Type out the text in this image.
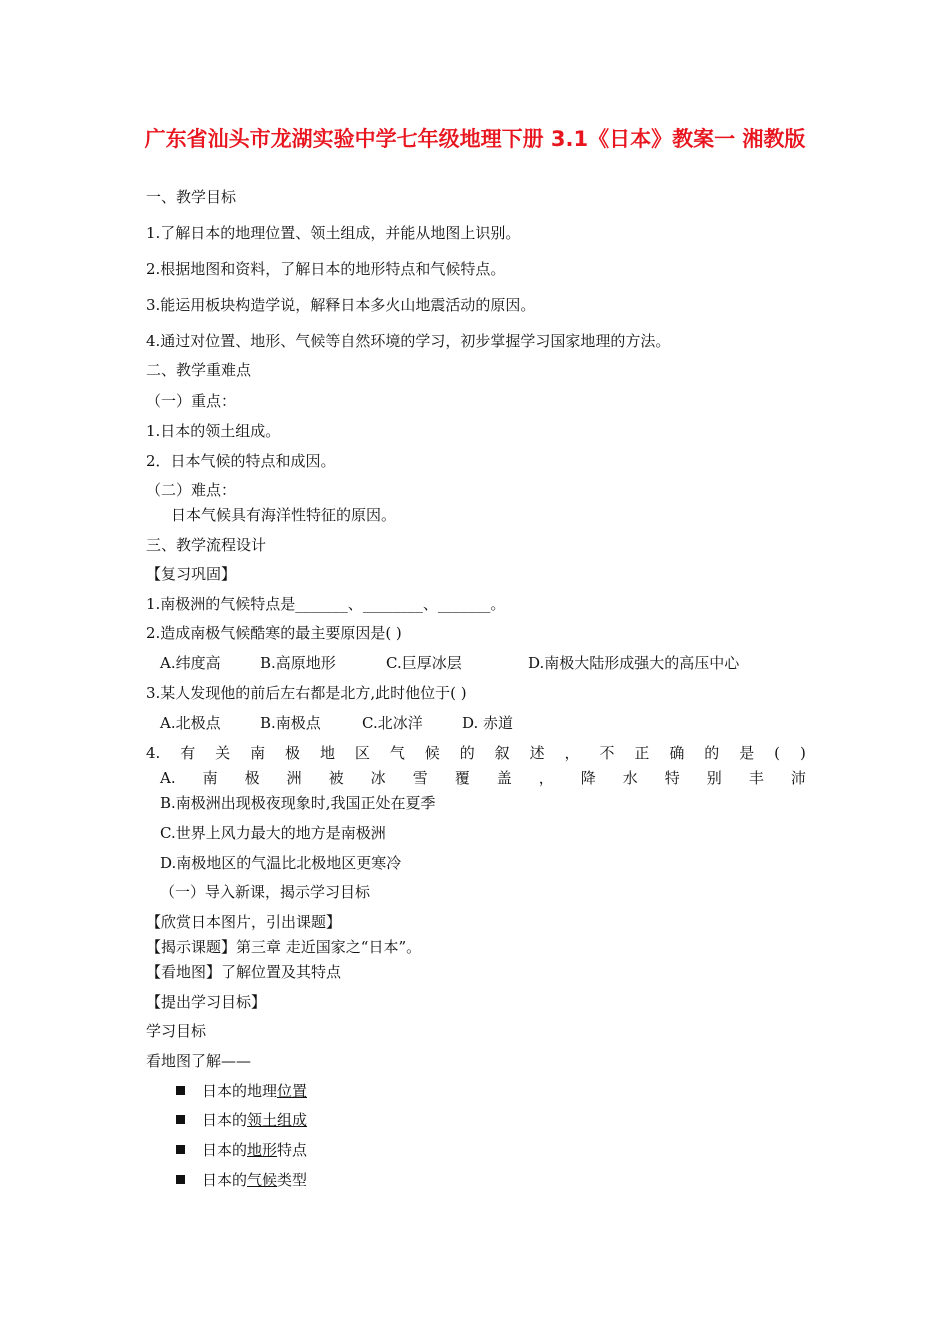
广东省汕头市龙湖实验中学七年级地理下册 3.1《日本》教案一 湘教版
一、教学目标
1.了解日本的地理位置、领土组成，并能从地图上识别。
2.根据地图和资料，了解日本的地形特点和气候特点。
3.能运用板块构造学说，解释日本多火山地震活动的原因。
4.通过对位置、地形、气候等自然环境的学习，初步掌握学习国家地理的方法。
二、教学重难点
（一）重点：
1.日本的领土组成。
2．日本气候的特点和成因。
（二）难点：
日本气候具有海洋性特征的原因。
三、教学流程设计
【复习巩固】
1.南极洲的气候特点是_______、________、_______。
2.造成南极气候酷寒的最主要原因是( )
A.纬度高	B.高原地形	C.巨厚冰层	D.南极大陆形成强大的高压中心
3.某人发现他的前后左右都是北方,此时他位于( )
A.北极点	B.南极点	C.北冰洋	D. 赤道
4. 有 关 南 极 地 区 气 候 的 叙 述 ， 不 正 确 的 是 ( )
A. 南 极 洲 被 冰 雪 覆 盖 ， 降 水 特 别 丰 沛
B.南极洲出现极夜现象时,我国正处在夏季
C.世界上风力最大的地方是南极洲
D.南极地区的气温比北极地区更寒冷
（一）导入新课，揭示学习目标
【欣赏日本图片，引出课题】
【揭示课题】第三章 走近国家之“日本”。
【看地图】了解位置及其特点
【提出学习目标】
学习目标
看地图了解——
日本的地理位置
日本的领土组成
日本的地形特点
日本的气候类型
